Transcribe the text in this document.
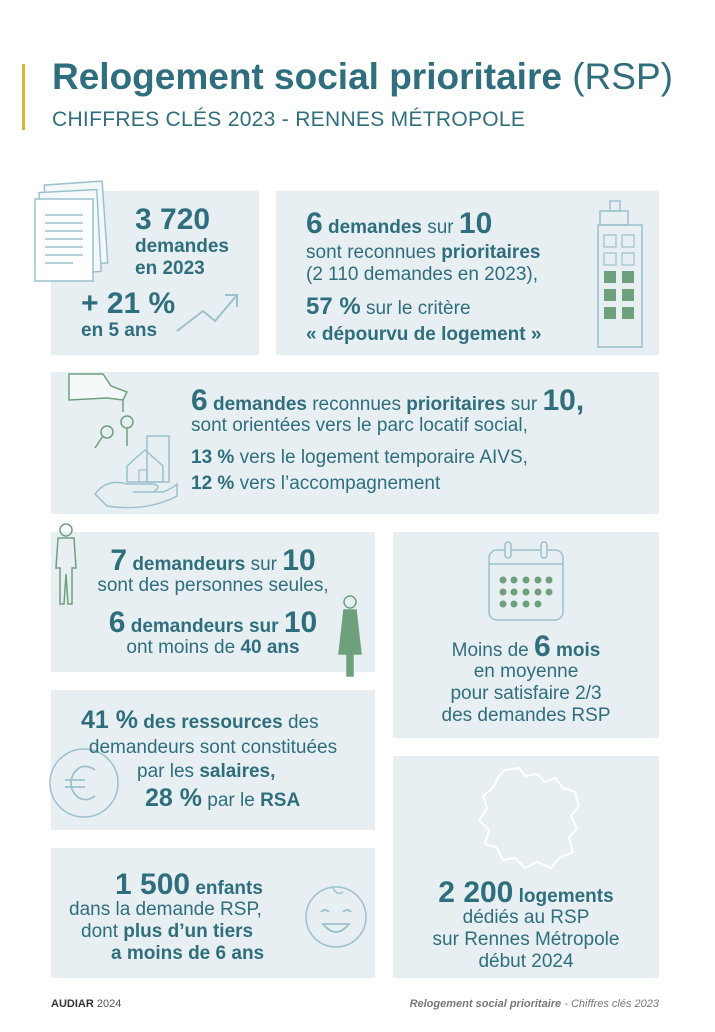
Relogement social prioritaire (RSP)
CHIFFRES CLÉS 2023 - RENNES MÉTROPOLE
3 720
demandes
en 2023
+ 21 %
en 5 ans
6 demandes sur 10
sont reconnues prioritaires
(2 110 demandes en 2023),
57 % sur le critère
« dépourvu de logement »
6 demandes reconnues prioritaires sur 10,
sont orientées vers le parc locatif social,
13 % vers le logement temporaire AIVS,
12 % vers l’accompagnement
7 demandeurs sur 10
sont des personnes seules,
6 demandeurs sur 10
ont moins de 40 ans	Moins de 6 mois
en moyenne
pour satisfaire 2/3
des demandes RSP
41 % des ressources des
demandeurs sont constituées
par les salaires,
28 % par le RSA
2 200 logements
dédiés au RSP
sur Rennes Métropole
début 2024
1 500 enfants
dans la demande RSP,
dont plus d’un tiers
a moins de 6 ans
AUDIAR 2024	Relogement social prioritaire - Chiffres clés 2023
